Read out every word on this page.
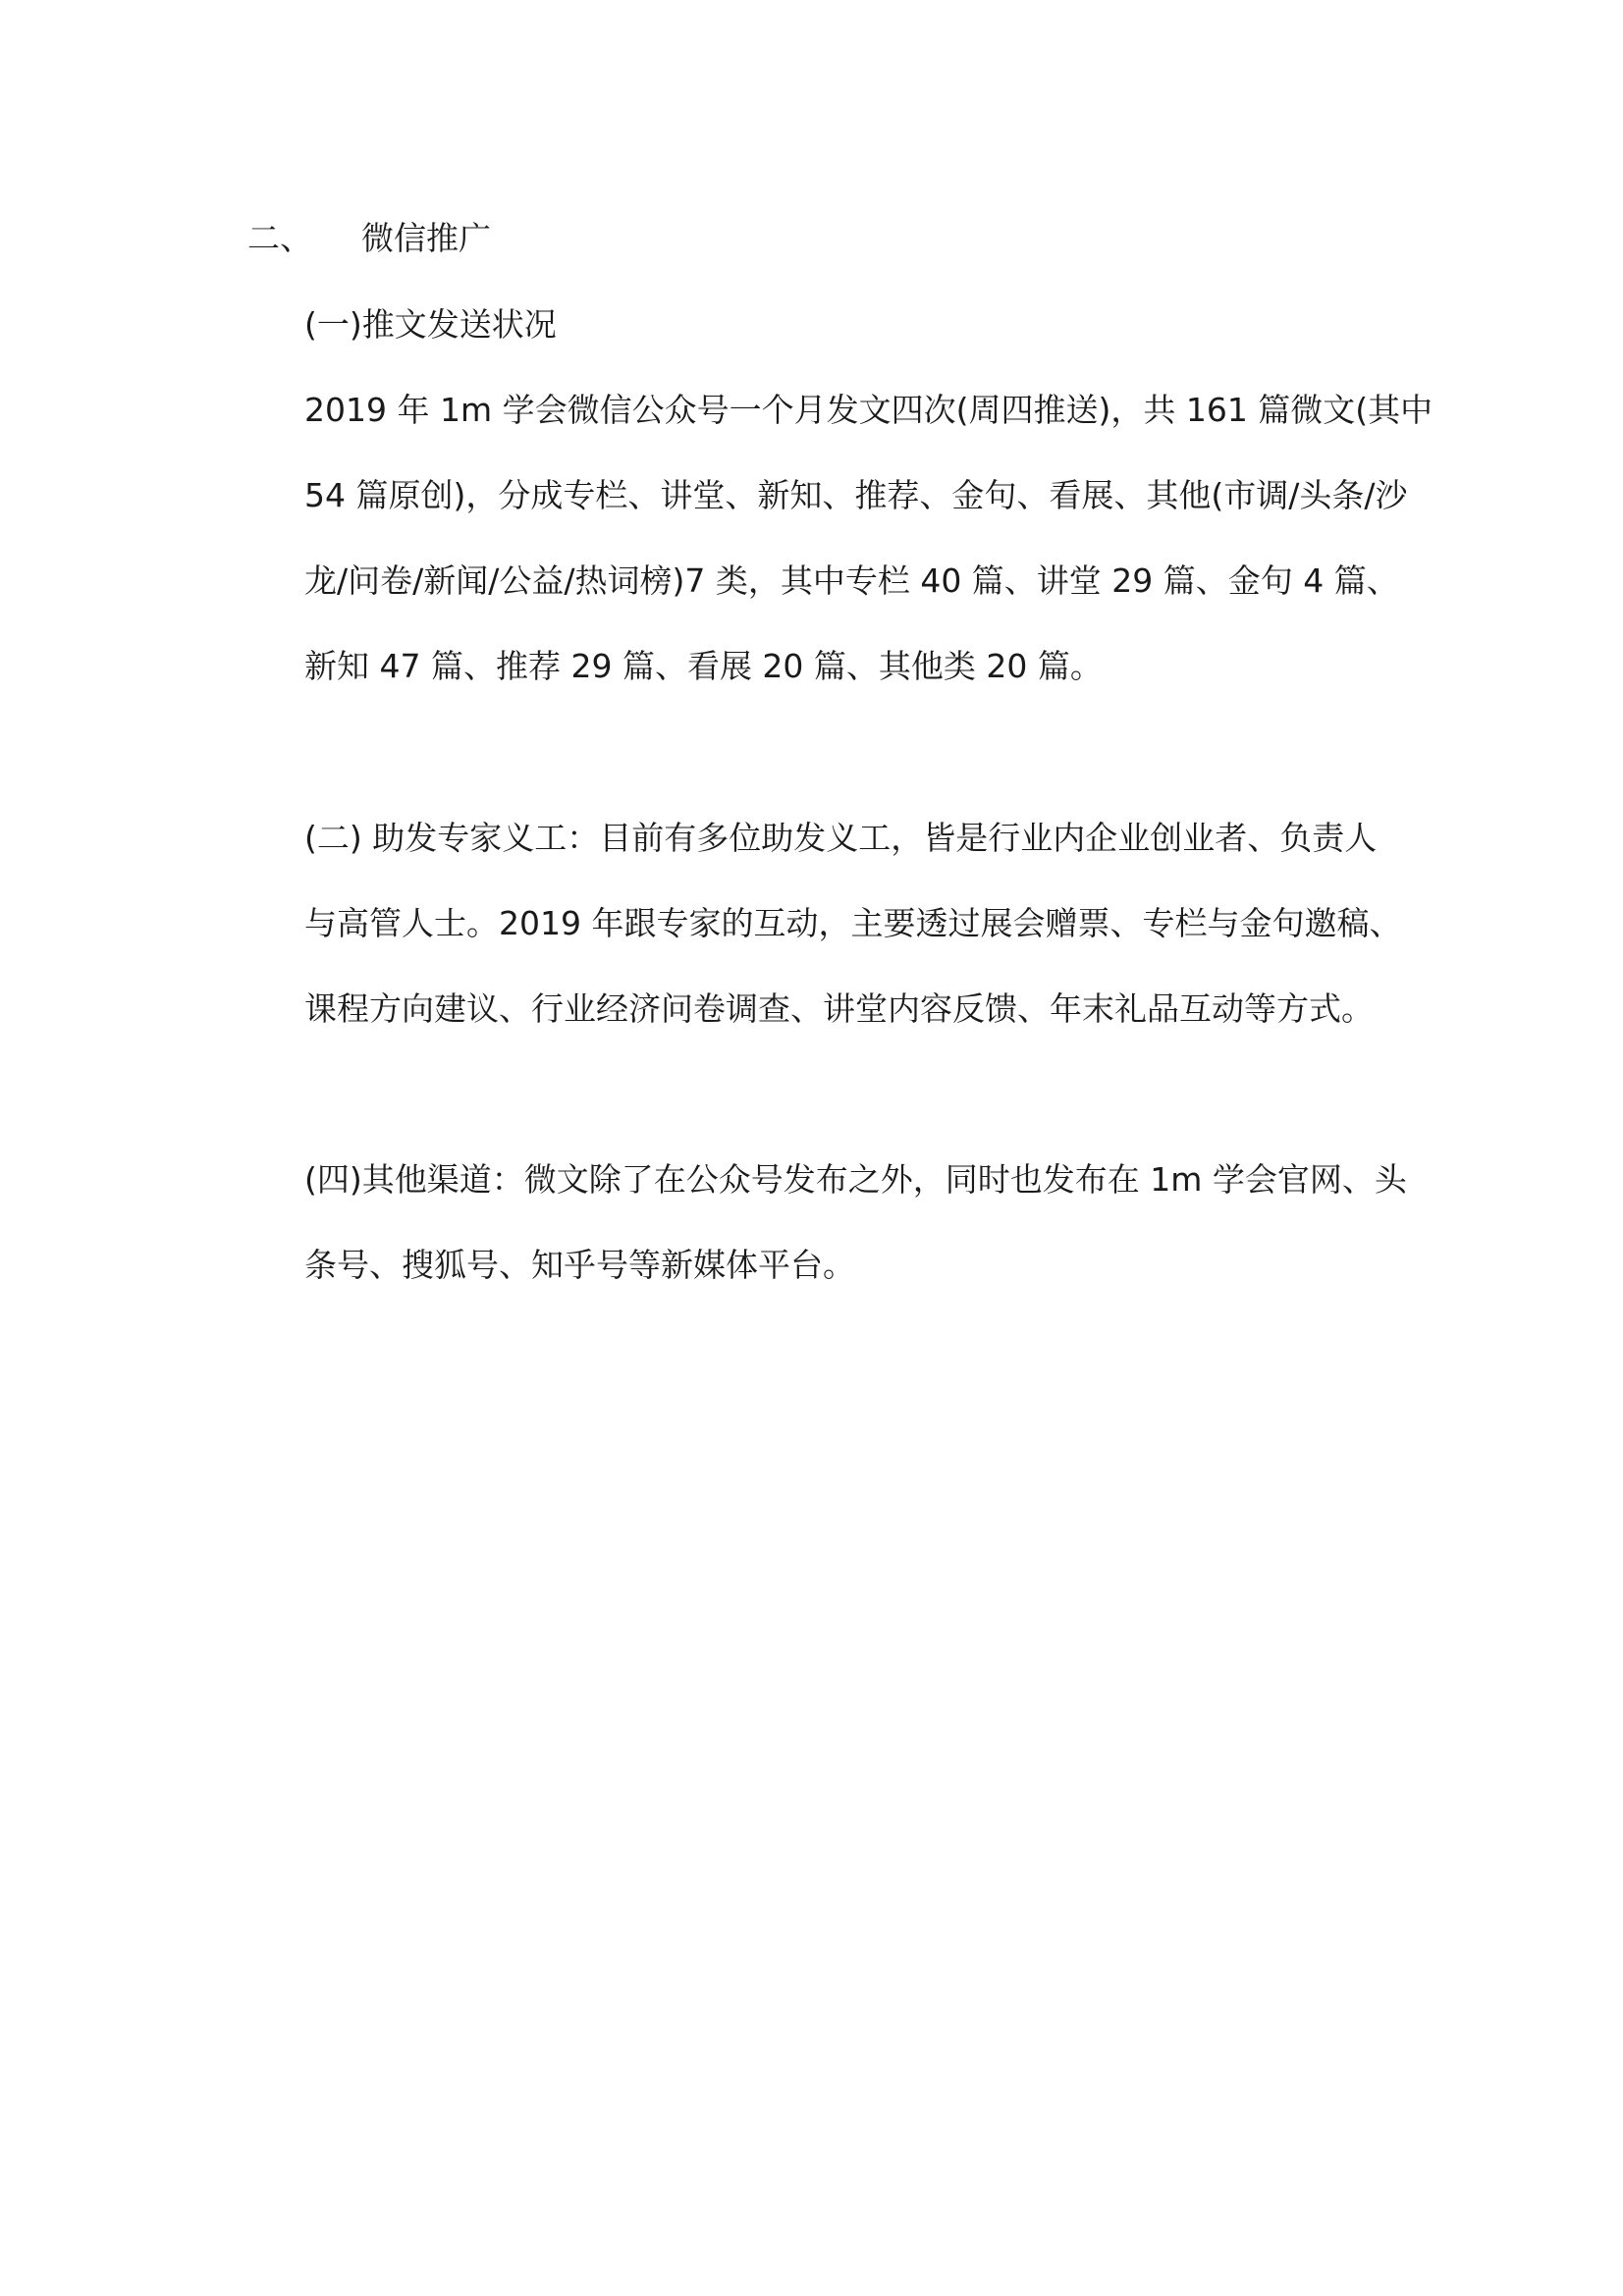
二、 微信推广
(一)推文发送状况
2019 年 1m 学会微信公众号一个月发文四次(周四推送)，共 161 篇微文(其中
54 篇原创)，分成专栏、讲堂、新知、推荐、金句、看展、其他(市调/头条/沙
龙/问卷/新闻/公益/热词榜)7 类，其中专栏 40 篇、讲堂 29 篇、金句 4 篇、
新知 47 篇、推荐 29 篇、看展 20 篇、其他类 20 篇。
(二) 助发专家义工：目前有多位助发义工，皆是行业内企业创业者、负责人
与高管人士。2019 年跟专家的互动，主要透过展会赠票、专栏与金句邀稿、
课程方向建议、行业经济问卷调查、讲堂内容反馈、年末礼品互动等方式。
(四)其他渠道：微文除了在公众号发布之外，同时也发布在 1m 学会官网、头
条号、搜狐号、知乎号等新媒体平台。
